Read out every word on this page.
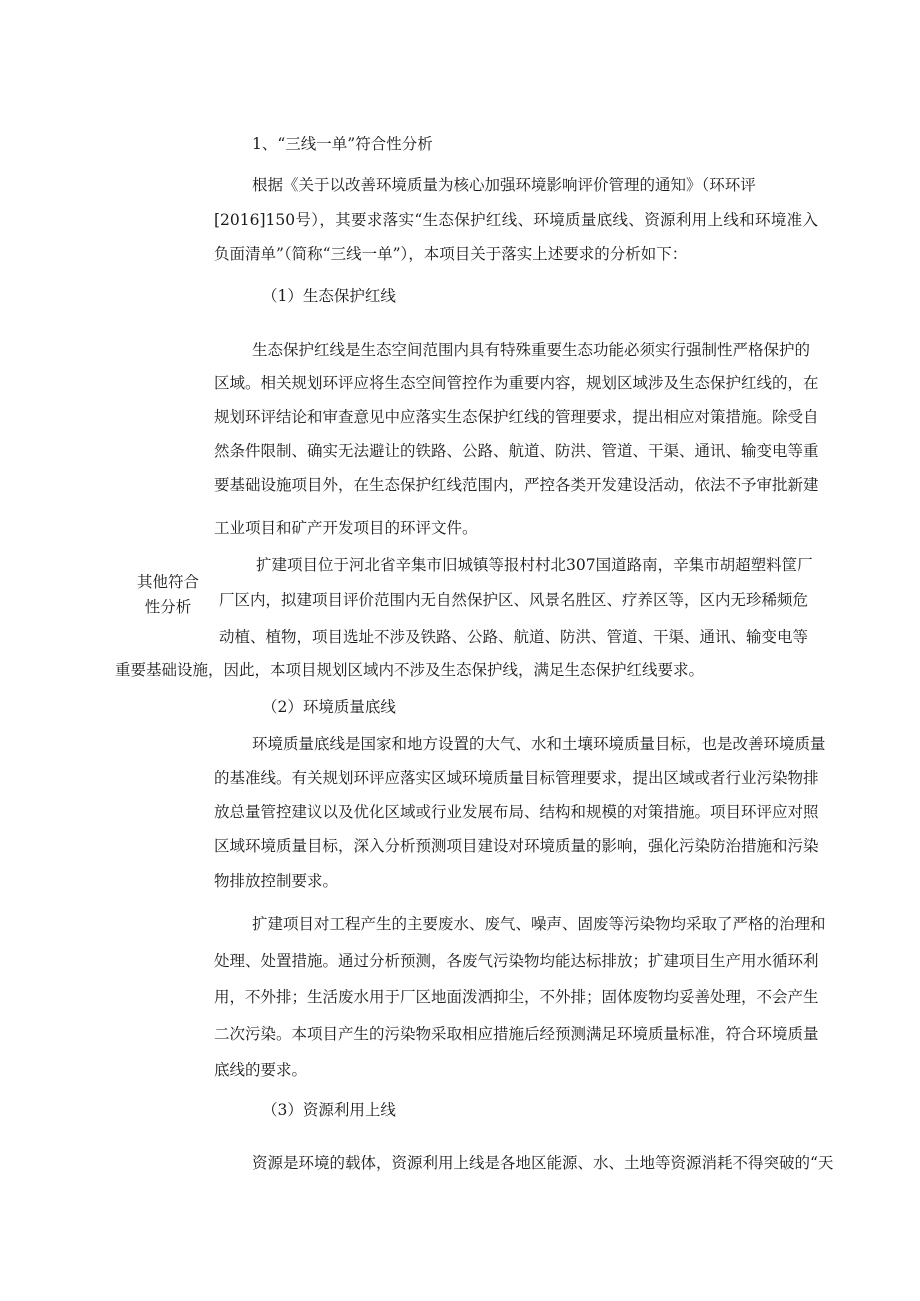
1、“三线一单”符合性分析
根据《关于以改善环境质量为核心加强环境影响评价管理的通知》（环环评
[2016]150号），其要求落实“生态保护红线、环境质量底线、资源利用上线和环境准入
负面清单”（简称“三线一单”），本项目关于落实上述要求的分析如下：
（1）生态保护红线
生态保护红线是生态空间范围内具有特殊重要生态功能必须实行强制性严格保护的
区域。相关规划环评应将生态空间管控作为重要内容，规划区域涉及生态保护红线的，在
规划环评结论和审查意见中应落实生态保护红线的管理要求，提出相应对策措施。除受自
然条件限制、确实无法避让的铁路、公路、航道、防洪、管道、干渠、通讯、输变电等重
要基础设施项目外，在生态保护红线范围内，严控各类开发建设活动，依法不予审批新建
工业项目和矿产开发项目的环评文件。
其他符合
性分析
扩建项目位于河北省辛集市旧城镇等报村村北307国道路南，辛集市胡超塑料筐厂
厂区内，拟建项目评价范围内无自然保护区、风景名胜区、疗养区等，区内无珍稀频危
动植、植物，项目选址不涉及铁路、公路、航道、防洪、管道、干渠、通讯、输变电等
重要基础设施，因此，本项目规划区域内不涉及生态保护线，满足生态保护红线要求。
（2）环境质量底线
环境质量底线是国家和地方设置的大气、水和土壤环境质量目标，也是改善环境质量
的基准线。有关规划环评应落实区域环境质量目标管理要求，提出区域或者行业污染物排
放总量管控建议以及优化区域或行业发展布局、结构和规模的对策措施。项目环评应对照
区域环境质量目标，深入分析预测项目建设对环境质量的影响，强化污染防治措施和污染
物排放控制要求。
扩建项目对工程产生的主要废水、废气、噪声、固废等污染物均采取了严格的治理和
处理、处置措施。通过分析预测，各废气污染物均能达标排放；扩建项目生产用水循环利
用，不外排；生活废水用于厂区地面泼洒抑尘，不外排；固体废物均妥善处理，不会产生
二次污染。本项目产生的污染物采取相应措施后经预测满足环境质量标准，符合环境质量
底线的要求。
（3）资源利用上线
资源是环境的载体，资源利用上线是各地区能源、水、土地等资源消耗不得突破的“天
